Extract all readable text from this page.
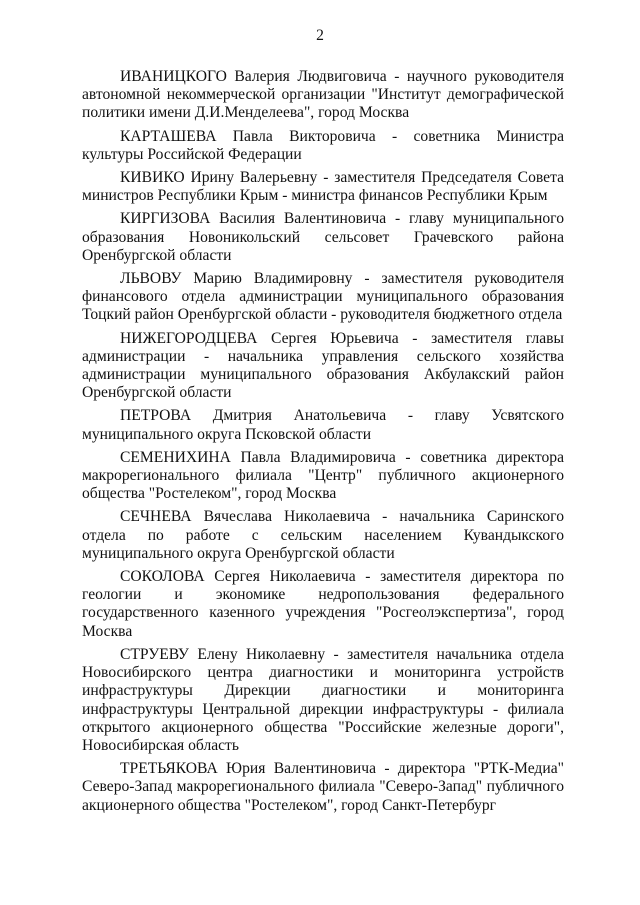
2

ИВАНИЦКОГО Валерия Людвиговича - научного руководителя автономной некоммерческой организации "Институт демографической политики имени Д.И.Менделеева", город Москва

КАРТАШЕВА Павла Викторовича - советника Министра культуры Российской Федерации

КИВИКО Ирину Валерьевну - заместителя Председателя Совета министров Республики Крым - министра финансов Республики Крым

КИРГИЗОВА Василия Валентиновича - главу муниципального образования Новоникольский сельсовет Грачевского района Оренбургской области

ЛЬВОВУ Марию Владимировну - заместителя руководителя финансового отдела администрации муниципального образования Тоцкий район Оренбургской области - руководителя бюджетного отдела

НИЖЕГОРОДЦЕВА Сергея Юрьевича - заместителя главы администрации - начальника управления сельского хозяйства администрации муниципального образования Акбулакский район Оренбургской области

ПЕТРОВА Дмитрия Анатольевича - главу Усвятского муниципального округа Псковской области

СЕМЕНИХИНА Павла Владимировича - советника директора макрорегионального филиала "Центр" публичного акционерного общества "Ростелеком", город Москва

СЕЧНЕВА Вячеслава Николаевича - начальника Саринского отдела по работе с сельским населением Кувандыкского муниципального округа Оренбургской области

СОКОЛОВА Сергея Николаевича - заместителя директора по геологии и экономике недропользования федерального государственного казенного учреждения "Росгеолэкспертиза", город Москва

СТРУЕВУ Елену Николаевну - заместителя начальника отдела Новосибирского центра диагностики и мониторинга устройств инфраструктуры Дирекции диагностики и мониторинга инфраструктуры Центральной дирекции инфраструктуры - филиала открытого акционерного общества "Российские железные дороги", Новосибирская область

ТРЕТЬЯКОВА Юрия Валентиновича - директора "РТК-Медиа" Северо-Запад макрорегионального филиала "Северо-Запад" публичного акционерного общества "Ростелеком", город Санкт-Петербург
